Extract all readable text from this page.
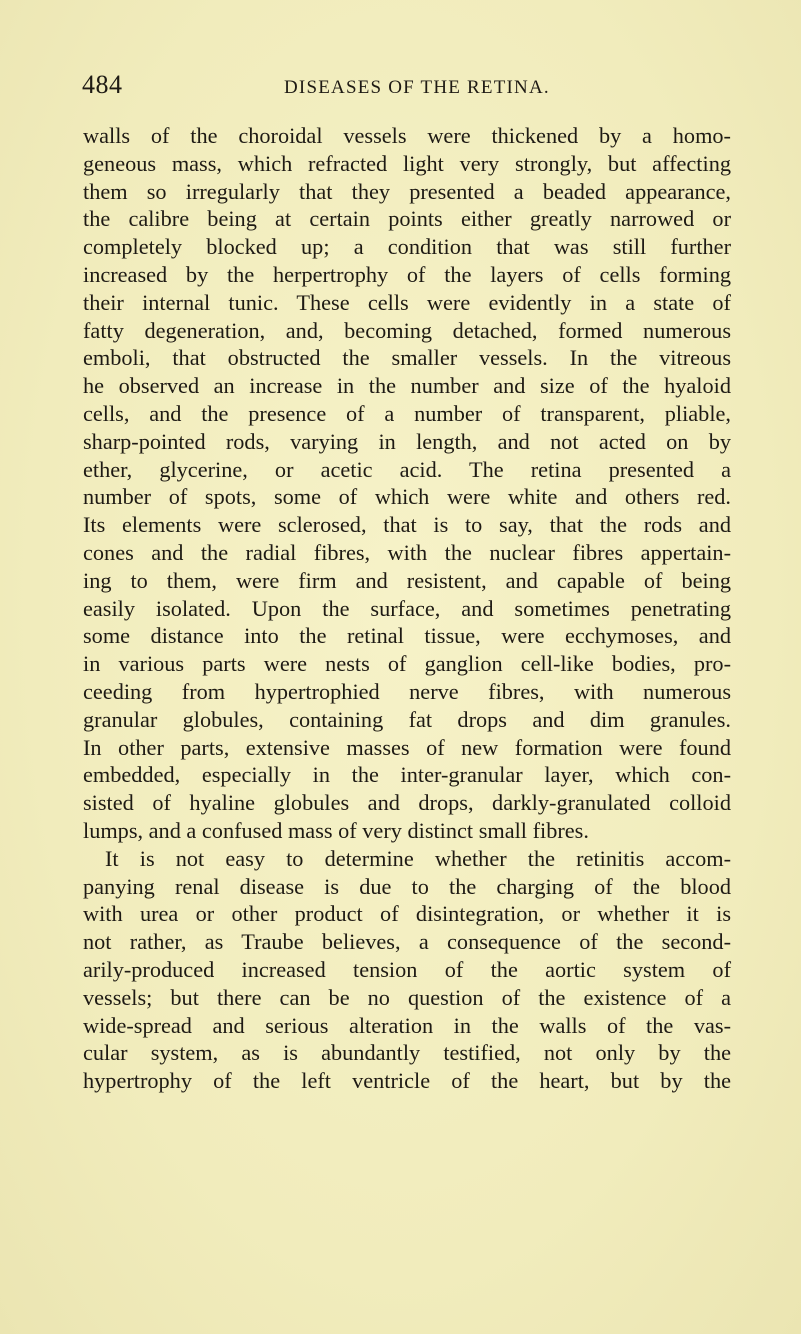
484	DISEASES OF THE RETINA.
walls of the choroidal vessels were thickened by a homo-
geneous mass, which refracted light very strongly, but affecting
them so irregularly that they presented a beaded appearance,
the calibre being at certain points either greatly narrowed or
completely blocked up; a condition that was still further
increased by the herpertrophy of the layers of cells forming
their internal tunic. These cells were evidently in a state of
fatty degeneration, and, becoming detached, formed numerous
emboli, that obstructed the smaller vessels. In the vitreous
he observed an increase in the number and size of the hyaloid
cells, and the presence of a number of transparent, pliable,
sharp-pointed rods, varying in length, and not acted on by
ether, glycerine, or acetic acid. The retina presented a
number of spots, some of which were white and others red.
Its elements were sclerosed, that is to say, that the rods and
cones and the radial fibres, with the nuclear fibres appertain-
ing to them, were firm and resistent, and capable of being
easily isolated. Upon the surface, and sometimes penetrating
some distance into the retinal tissue, were ecchymoses, and
in various parts were nests of ganglion cell-like bodies, pro-
ceeding from hypertrophied nerve fibres, with numerous
granular globules, containing fat drops and dim granules.
In other parts, extensive masses of new formation were found
embedded, especially in the inter-granular layer, which con-
sisted of hyaline globules and drops, darkly-granulated colloid
lumps, and a confused mass of very distinct small fibres.
It is not easy to determine whether the retinitis accom-
panying renal disease is due to the charging of the blood
with urea or other product of disintegration, or whether it is
not rather, as Traube believes, a consequence of the second-
arily-produced increased tension of the aortic system of
vessels; but there can be no question of the existence of a
wide-spread and serious alteration in the walls of the vas-
cular system, as is abundantly testified, not only by the
hypertrophy of the left ventricle of the heart, but by the
